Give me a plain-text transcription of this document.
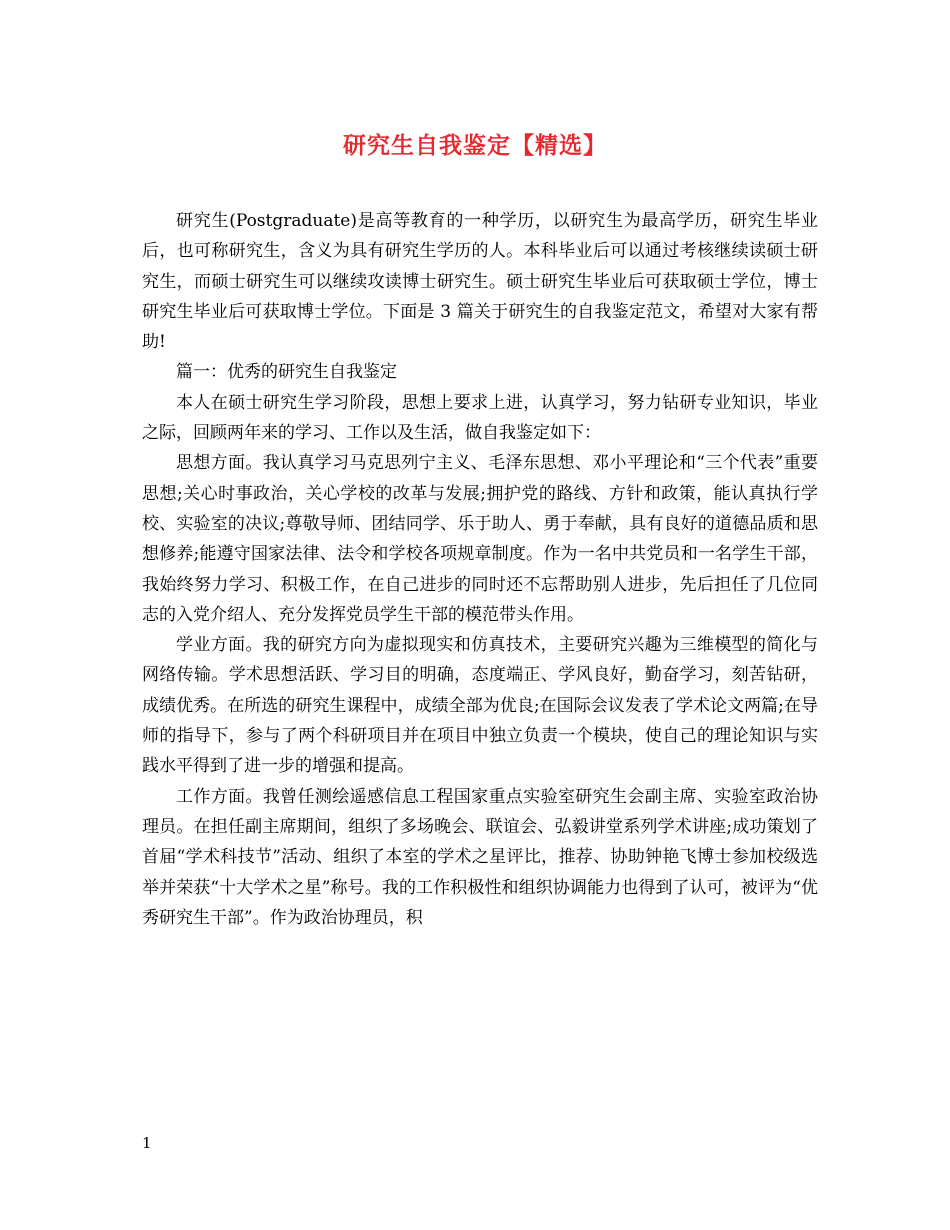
研究生自我鉴定【精选】

研究生(Postgraduate)是高等教育的一种学历，以研究生为最高学历，研究生毕业后，也可称研究生，含义为具有研究生学历的人。本科毕业后可以通过考核继续读硕士研究生，而硕士研究生可以继续攻读博士研究生。硕士研究生毕业后可获取硕士学位，博士研究生毕业后可获取博士学位。下面是 3 篇关于研究生的自我鉴定范文，希望对大家有帮助!

篇一：优秀的研究生自我鉴定

本人在硕士研究生学习阶段，思想上要求上进，认真学习，努力钻研专业知识，毕业之际，回顾两年来的学习、工作以及生活，做自我鉴定如下：

思想方面。我认真学习马克思列宁主义、毛泽东思想、邓小平理论和“三个代表”重要思想;关心时事政治，关心学校的改革与发展;拥护党的路线、方针和政策，能认真执行学校、实验室的决议;尊敬导师、团结同学、乐于助人、勇于奉献，具有良好的道德品质和思想修养;能遵守国家法律、法令和学校各项规章制度。作为一名中共党员和一名学生干部，我始终努力学习、积极工作，在自己进步的同时还不忘帮助别人进步，先后担任了几位同志的入党介绍人、充分发挥党员学生干部的模范带头作用。

学业方面。我的研究方向为虚拟现实和仿真技术，主要研究兴趣为三维模型的简化与网络传输。学术思想活跃、学习目的明确，态度端正、学风良好，勤奋学习，刻苦钻研，成绩优秀。在所选的研究生课程中，成绩全部为优良;在国际会议发表了学术论文两篇;在导师的指导下，参与了两个科研项目并在项目中独立负责一个模块，使自己的理论知识与实践水平得到了进一步的增强和提高。

工作方面。我曾任测绘遥感信息工程国家重点实验室研究生会副主席、实验室政治协理员。在担任副主席期间，组织了多场晚会、联谊会、弘毅讲堂系列学术讲座;成功策划了首届“学术科技节”活动、组织了本室的学术之星评比，推荐、协助钟艳飞博士参加校级选举并荣获“十大学术之星”称号。我的工作积极性和组织协调能力也得到了认可，被评为“优秀研究生干部”。作为政治协理员，积

1
